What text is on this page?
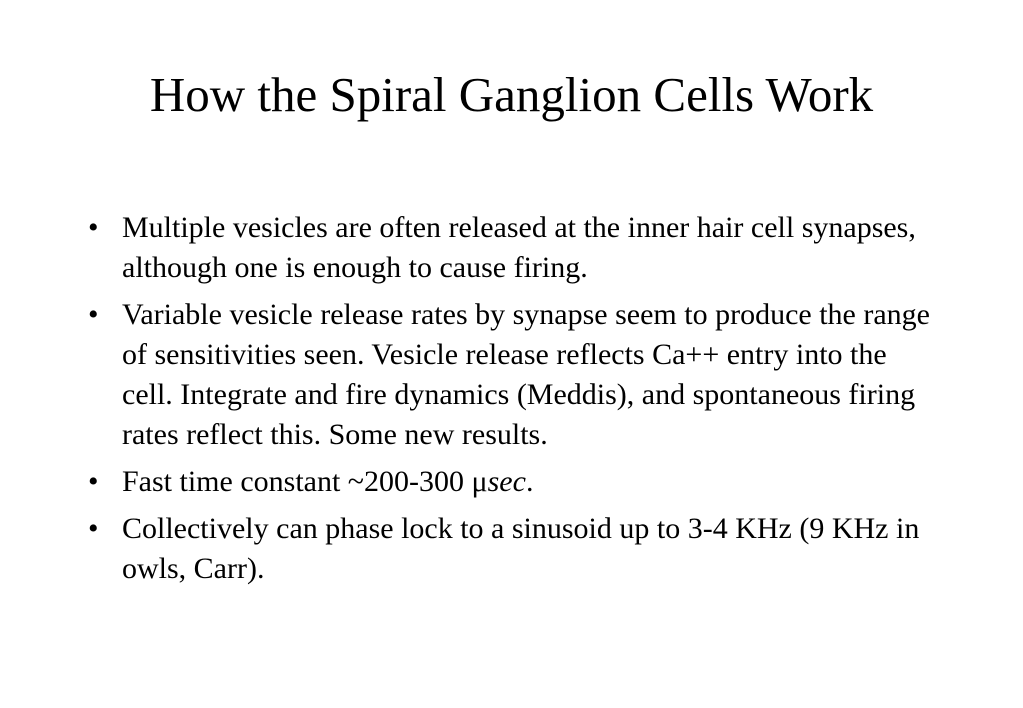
How the Spiral Ganglion Cells Work
• Multiple vesicles are often released at the inner hair cell synapses, although one is enough to cause firing.
• Variable vesicle release rates by synapse seem to produce the range of sensitivities seen. Vesicle release reflects Ca++ entry into the cell. Integrate and fire dynamics (Meddis), and spontaneous firing rates reflect this. Some new results.
• Fast time constant ~200-300 μsec.
• Collectively can phase lock to a sinusoid up to 3-4 KHz (9 KHz in owls, Carr).
